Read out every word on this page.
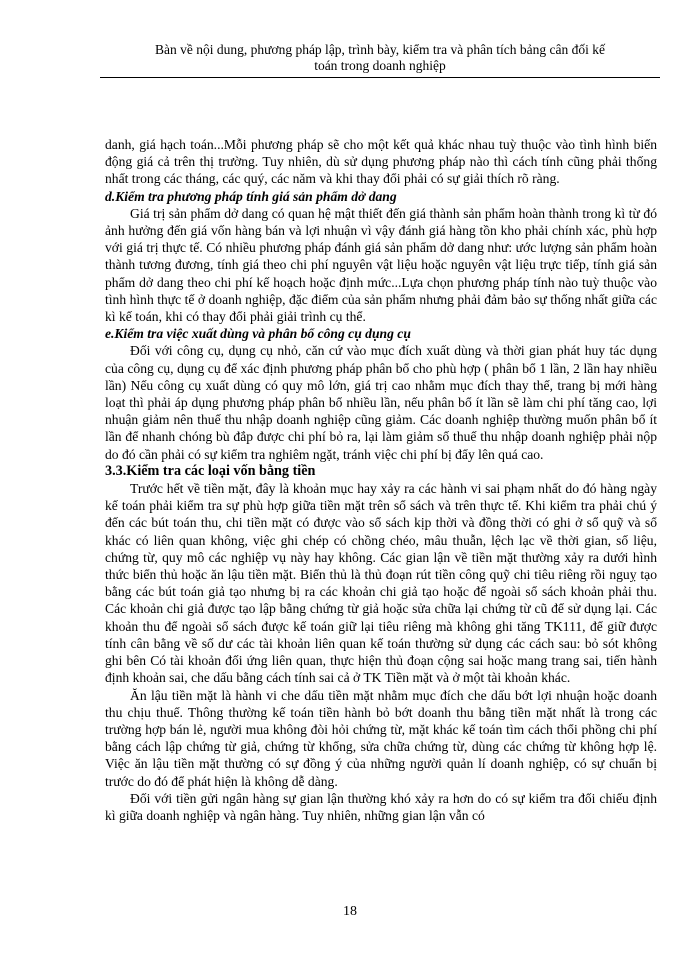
Bàn về nội dung, phương pháp lập, trình bày, kiểm tra và phân tích bảng cân đối kế
toán trong doanh nghiệp

danh, giá hạch toán...Mỗi phương pháp sẽ cho một kết quả khác nhau tuỳ thuộc vào tình hình biến động giá cả trên thị trường. Tuy nhiên, dù sử dụng phương pháp nào thì cách tính cũng phải thống nhất trong các tháng, các quý, các năm và khi thay đổi phải có sự giải thích rõ ràng.

d.Kiểm tra phương pháp tính giá sản phẩm dở dang

Giá trị sản phẩm dở dang có quan hệ mật thiết đến giá thành sản phẩm hoàn thành trong kì từ đó ảnh hưởng đến giá vốn hàng bán và lợi nhuận vì vậy đánh giá hàng tồn kho phải chính xác, phù hợp với giá trị thực tế. Có nhiều phương pháp đánh giá sản phẩm dở dang như: ước lượng sản phẩm hoàn thành tương đương, tính giá theo chi phí nguyên vật liệu hoặc nguyên vật liệu trực tiếp, tính giá sản phẩm dở dang theo chi phí kế hoạch hoặc định mức...Lựa chọn phương pháp tính nào tuỳ thuộc vào tình hình thực tế ở doanh nghiệp, đặc điểm của sản phẩm nhưng phải đảm bảo sự thống nhất giữa các kì kế toán, khi có thay đổi phải giải trình cụ thể.

e.Kiểm tra việc xuất dùng và phân bổ công cụ dụng cụ

Đối với công cụ, dụng cụ nhỏ, căn cứ vào mục đích xuất dùng và thời gian phát huy tác dụng của công cụ, dụng cụ để xác định phương pháp phân bổ cho phù hợp ( phân bổ 1 lần, 2 lần hay nhiều lần) Nếu công cụ xuất dùng có quy mô lớn, giá trị cao nhằm mục đích thay thế, trang bị mới hàng loạt thì phải áp dụng phương pháp phân bổ nhiều lần, nếu phân bổ ít lần sẽ làm chi phí tăng cao, lợi nhuận giảm nên thuế thu nhập doanh nghiệp cũng giảm. Các doanh nghiệp thường muốn phân bổ ít lần để nhanh chóng bù đắp được chi phí bỏ ra, lại làm giảm số thuế thu nhập doanh nghiệp phải nộp do đó cần phải có sự kiểm tra nghiêm ngặt, tránh việc chi phí bị đẩy lên quá cao.

3.3.Kiểm tra các loại vốn bằng tiền

Trước hết về tiền mặt, đây là khoản mục hay xảy ra các hành vi sai phạm nhất do đó hàng ngày kế toán phải kiểm tra sự phù hợp giữa tiền mặt trên sổ sách và trên thực tế. Khi kiểm tra phải chú ý đến các bút toán thu, chi tiền mặt có được vào sổ sách kịp thời và đồng thời có ghi ở sổ quỹ và sổ khác có liên quan không, việc ghi chép có chồng chéo, mâu thuẫn, lệch lạc về thời gian, số liệu, chứng từ, quy mô các nghiệp vụ này hay không. Các gian lận về tiền mặt thường xảy ra dưới hình thức biển thủ hoặc ăn lậu tiền mặt. Biển thủ là thủ đoạn rút tiền công quỹ chi tiêu riêng rồi nguỵ tạo bằng các bút toán giả tạo nhưng bị ra các khoản chi giả tạo hoặc để ngoài sổ sách khoản phải thu. Các khoản chi giả được tạo lập bằng chứng từ giả hoặc sửa chữa lại chứng từ cũ để sử dụng lại. Các khoản thu để ngoài sổ sách được kế toán giữ lại tiêu riêng mà không ghi tăng TK111, để giữ được tính cân bằng về số dư các tài khoản liên quan kế toán thường sử dụng các cách sau: bỏ sót không ghi bên Có tài khoản đối ứng liên quan, thực hiện thủ đoạn cộng sai hoặc mang trang sai, tiến hành định khoản sai, che dấu bằng cách tính sai cả ở TK Tiền mặt và ở một tài khoản khác.

Ăn lậu tiền mặt là hành vi che dấu tiền mặt nhằm mục đích che dấu bớt lợi nhuận hoặc doanh thu chịu thuế. Thông thường kế toán tiền hành bỏ bớt doanh thu bằng tiền mặt nhất là trong các trường hợp bán lẻ, người mua không đòi hỏi chứng từ, mặt khác kế toán tìm cách thổi phồng chi phí bằng cách lập chứng từ giả, chứng từ khống, sửa chữa chứng từ, dùng các chứng từ không hợp lệ. Việc ăn lậu tiền mặt thường có sự đồng ý của những người quản lí doanh nghiệp, có sự chuẩn bị trước do đó để phát hiện là không dễ dàng.

Đối với tiền gửi ngân hàng sự gian lận thường khó xảy ra hơn do có sự kiểm tra đối chiếu định kì giữa doanh nghiệp và ngân hàng. Tuy nhiên, những gian lận vẫn có

18
